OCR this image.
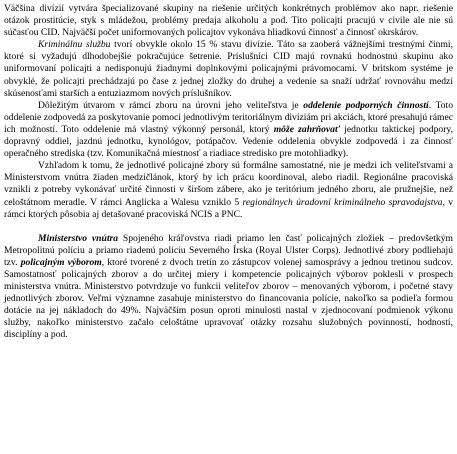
Väčšina divízií vytvára špecializované skupiny na riešenie určitých konkrétnych problémov ako napr. riešenie otázok prostitúcie, styk s mládežou, problémy predaja alkoholu a pod. Tito policajti pracujú v civile ale nie sú súčasťou CID. Najväčší počet uniformovaných policajtov vykonáva hliadkovú činnosť a činnosť okrskárov.

Kriminálnu službu tvorí obvykle okolo 15 % stavu divízie. Táto sa zaoberá vážnejšími trestnými činmi, ktoré si vyžadujú dlhodobejšie pokračujúce šetrenie. Príslušníci CID majú rovnakú hodnostnú skupinu ako uniformovaní policajti a nedisponujú žiadnymi doplnkovými policajnými právomocami. V britskom systéme je obvyklé, že policajti prechádzajú po čase z jednej zložky do druhej a vedenie sa snaží udržať rovnováhu medzi skúsenosťami starších a entuziazmom nových príslušníkov.

Dôležitým útvarom v rámci zboru na úrovni jeho veliteľstva je oddelenie podporných činností. Toto oddelenie zodpovedá za poskytovanie pomoci jednotlivým teritoriálnym divíziám pri akciách, ktoré presahujú rámec ich možností. Toto oddelenie má vlastný výkonný personál, ktorý môže zahrňovať jednotku taktickej podpory, dopravný oddiel, jazdnú jednotku, kynológov, potápačov. Vedenie oddelenia obvykle zodpovedá i za činnosť operačného strediska (tzv. Komunikačná miestnosť a riadiace stredisko pre motohliadky).

Vzhľadom k tomu, že jednotlivé policajné zbory sú formálne samostatné, nie je medzi ich veliteľstvami a Ministerstvom vnútra žiaden medzičlánok, ktorý by ich prácu koordinoval, alebo riadil. Regionálne pracoviská vznikli z potreby vykonávať určité činnosti v širšom zábere, ako je teritórium jedného zboru, ale pružnejšie, než celoštátnom meradle. V rámci Anglicka a Walesu vzniklo 5 regionálnych úradovní kriminálneho spravodajstva, v rámci ktorých pôsobia aj detašované pracoviská NCIS a PNC.

Ministerstvo vnútra Spojeného kráľovstva riadi priamo len časť policajných zložiek – predovšetkým Metropolitnú políciu a priamo riadenú políciu Severného Írska (Royal Ulster Corps). Jednotlivé zbory podliehajú tzv. policajným výborom, ktoré tvorené z dvoch tretín zo zástupcov volenej samosprávy a jednou tretinou sudcov. Samostatnosť policajných zborov a do určitej miery i kompetencie policajných výborov poklesli v prospech ministerstva vnútra. Ministerstvo potvrdzuje vo funkcii veliteľov zborov – menovaných výborom, i početné stavy jednotlivých zborov. Veľmi významne zasahuje ministerstvo do financovania polície, nakoľko sa podieľa formou dotácie na jej nákladoch do 49%. Najväčším posun oproti minulosti nastal v zjednocovaní podmienok výkonu služby, nakoľko ministerstvo začalo celoštátne upravovať otázky rozsahu služobných povinností, hodností, disciplíny a pod.
